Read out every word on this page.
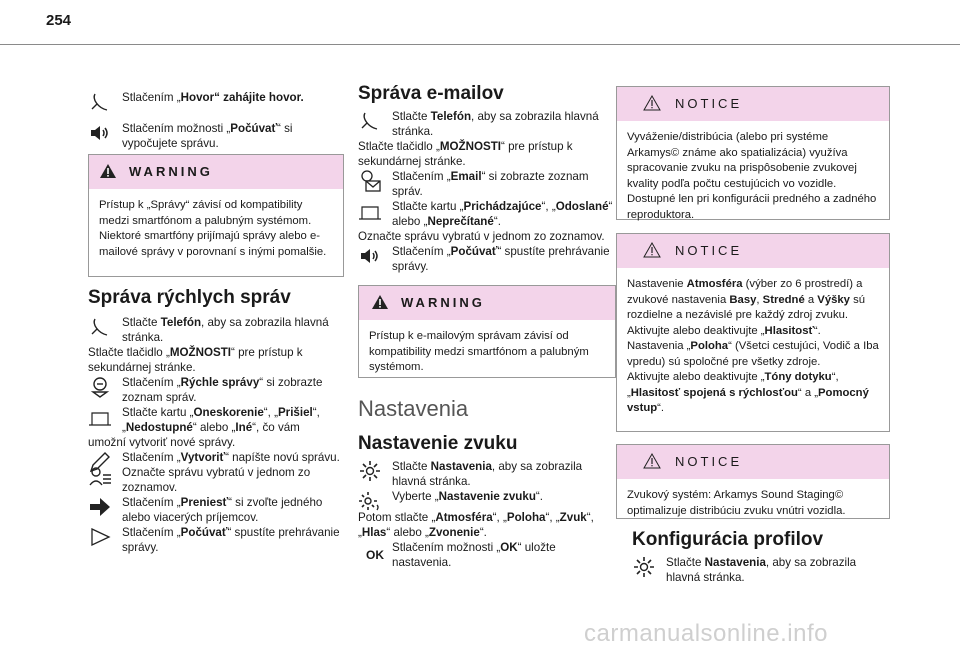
254
Stlačením „Hovor“ zahájite hovor.
Stlačením možnosti „Počúvať“ si vypočujete správu.
WARNING
Prístup k „Správy“ závisí od kompatibility medzi smartfónom a palubným systémom. Niektoré smartfóny prijímajú správy alebo e-mailové správy v porovnaní s inými pomalšie.
Správa rýchlych správ
Stlačte Telefón, aby sa zobrazila hlavná stránka.
Stlačte tlačidlo „MOŽNOSTI“ pre prístup k sekundárnej stránke.
Stlačením „Rýchle správy“ si zobrazte zoznam správ.
Stlačte kartu „Oneskorenie“, „Prišiel“, „Nedostupné“ alebo „Iné“, čo vám
umožní vytvoriť nové správy.
Stlačením „Vytvoriť“ napíšte novú správu.
Označte správu vybratú v jednom zo zoznamov.
Stlačením „Preniesť“ si zvoľte jedného alebo viacerých príjemcov.
Stlačením „Počúvať“ spustíte prehrávanie správy.
Správa e-mailov
Stlačte Telefón, aby sa zobrazila hlavná stránka.
Stlačte tlačidlo „MOŽNOSTI“ pre prístup k sekundárnej stránke.
Stlačením „Email“ si zobrazte zoznam správ.
Stlačte kartu „Prichádzajúce“, „Odoslané“ alebo „Neprečítané“.
Označte správu vybratú v jednom zo zoznamov.
Stlačením „Počúvať“ spustíte prehrávanie správy.
WARNING
Prístup k e-mailovým správam závisí od kompatibility medzi smartfónom a palubným systémom.
Nastavenia
Nastavenie zvuku
Stlačte Nastavenia, aby sa zobrazila hlavná stránka.
Vyberte „Nastavenie zvuku“.
Potom stlačte „Atmosféra“, „Poloha“, „Zvuk“, „Hlas“ alebo „Zvonenie“.
OK
Stlačením možnosti „OK“ uložte nastavenia.
NOTICE
Vyváženie/distribúcia (alebo pri systéme Arkamys© známe ako spatializácia) využíva spracovanie zvuku na prispôsobenie zvukovej kvality podľa počtu cestujúcich vo vozidle. Dostupné len pri konfigurácii predného a zadného reproduktora.
NOTICE
Nastavenie Atmosféra (výber zo 6 prostredí) a zvukové nastavenia Basy, Stredné a Výšky sú rozdielne a nezávislé pre každý zdroj zvuku.
Aktivujte alebo deaktivujte „Hlasitosť“.
Nastavenia „Poloha“ (Všetci cestujúci, Vodič a Iba vpredu) sú spoločné pre všetky zdroje.
Aktivujte alebo deaktivujte „Tóny dotyku“, „Hlasitosť spojená s rýchlosťou“ a „Pomocný vstup“.
NOTICE
Zvukový systém: Arkamys Sound Staging© optimalizuje distribúciu zvuku vnútri vozidla.
Konfigurácia profilov
Stlačte Nastavenia, aby sa zobrazila hlavná stránka.
carmanualsonline.info
